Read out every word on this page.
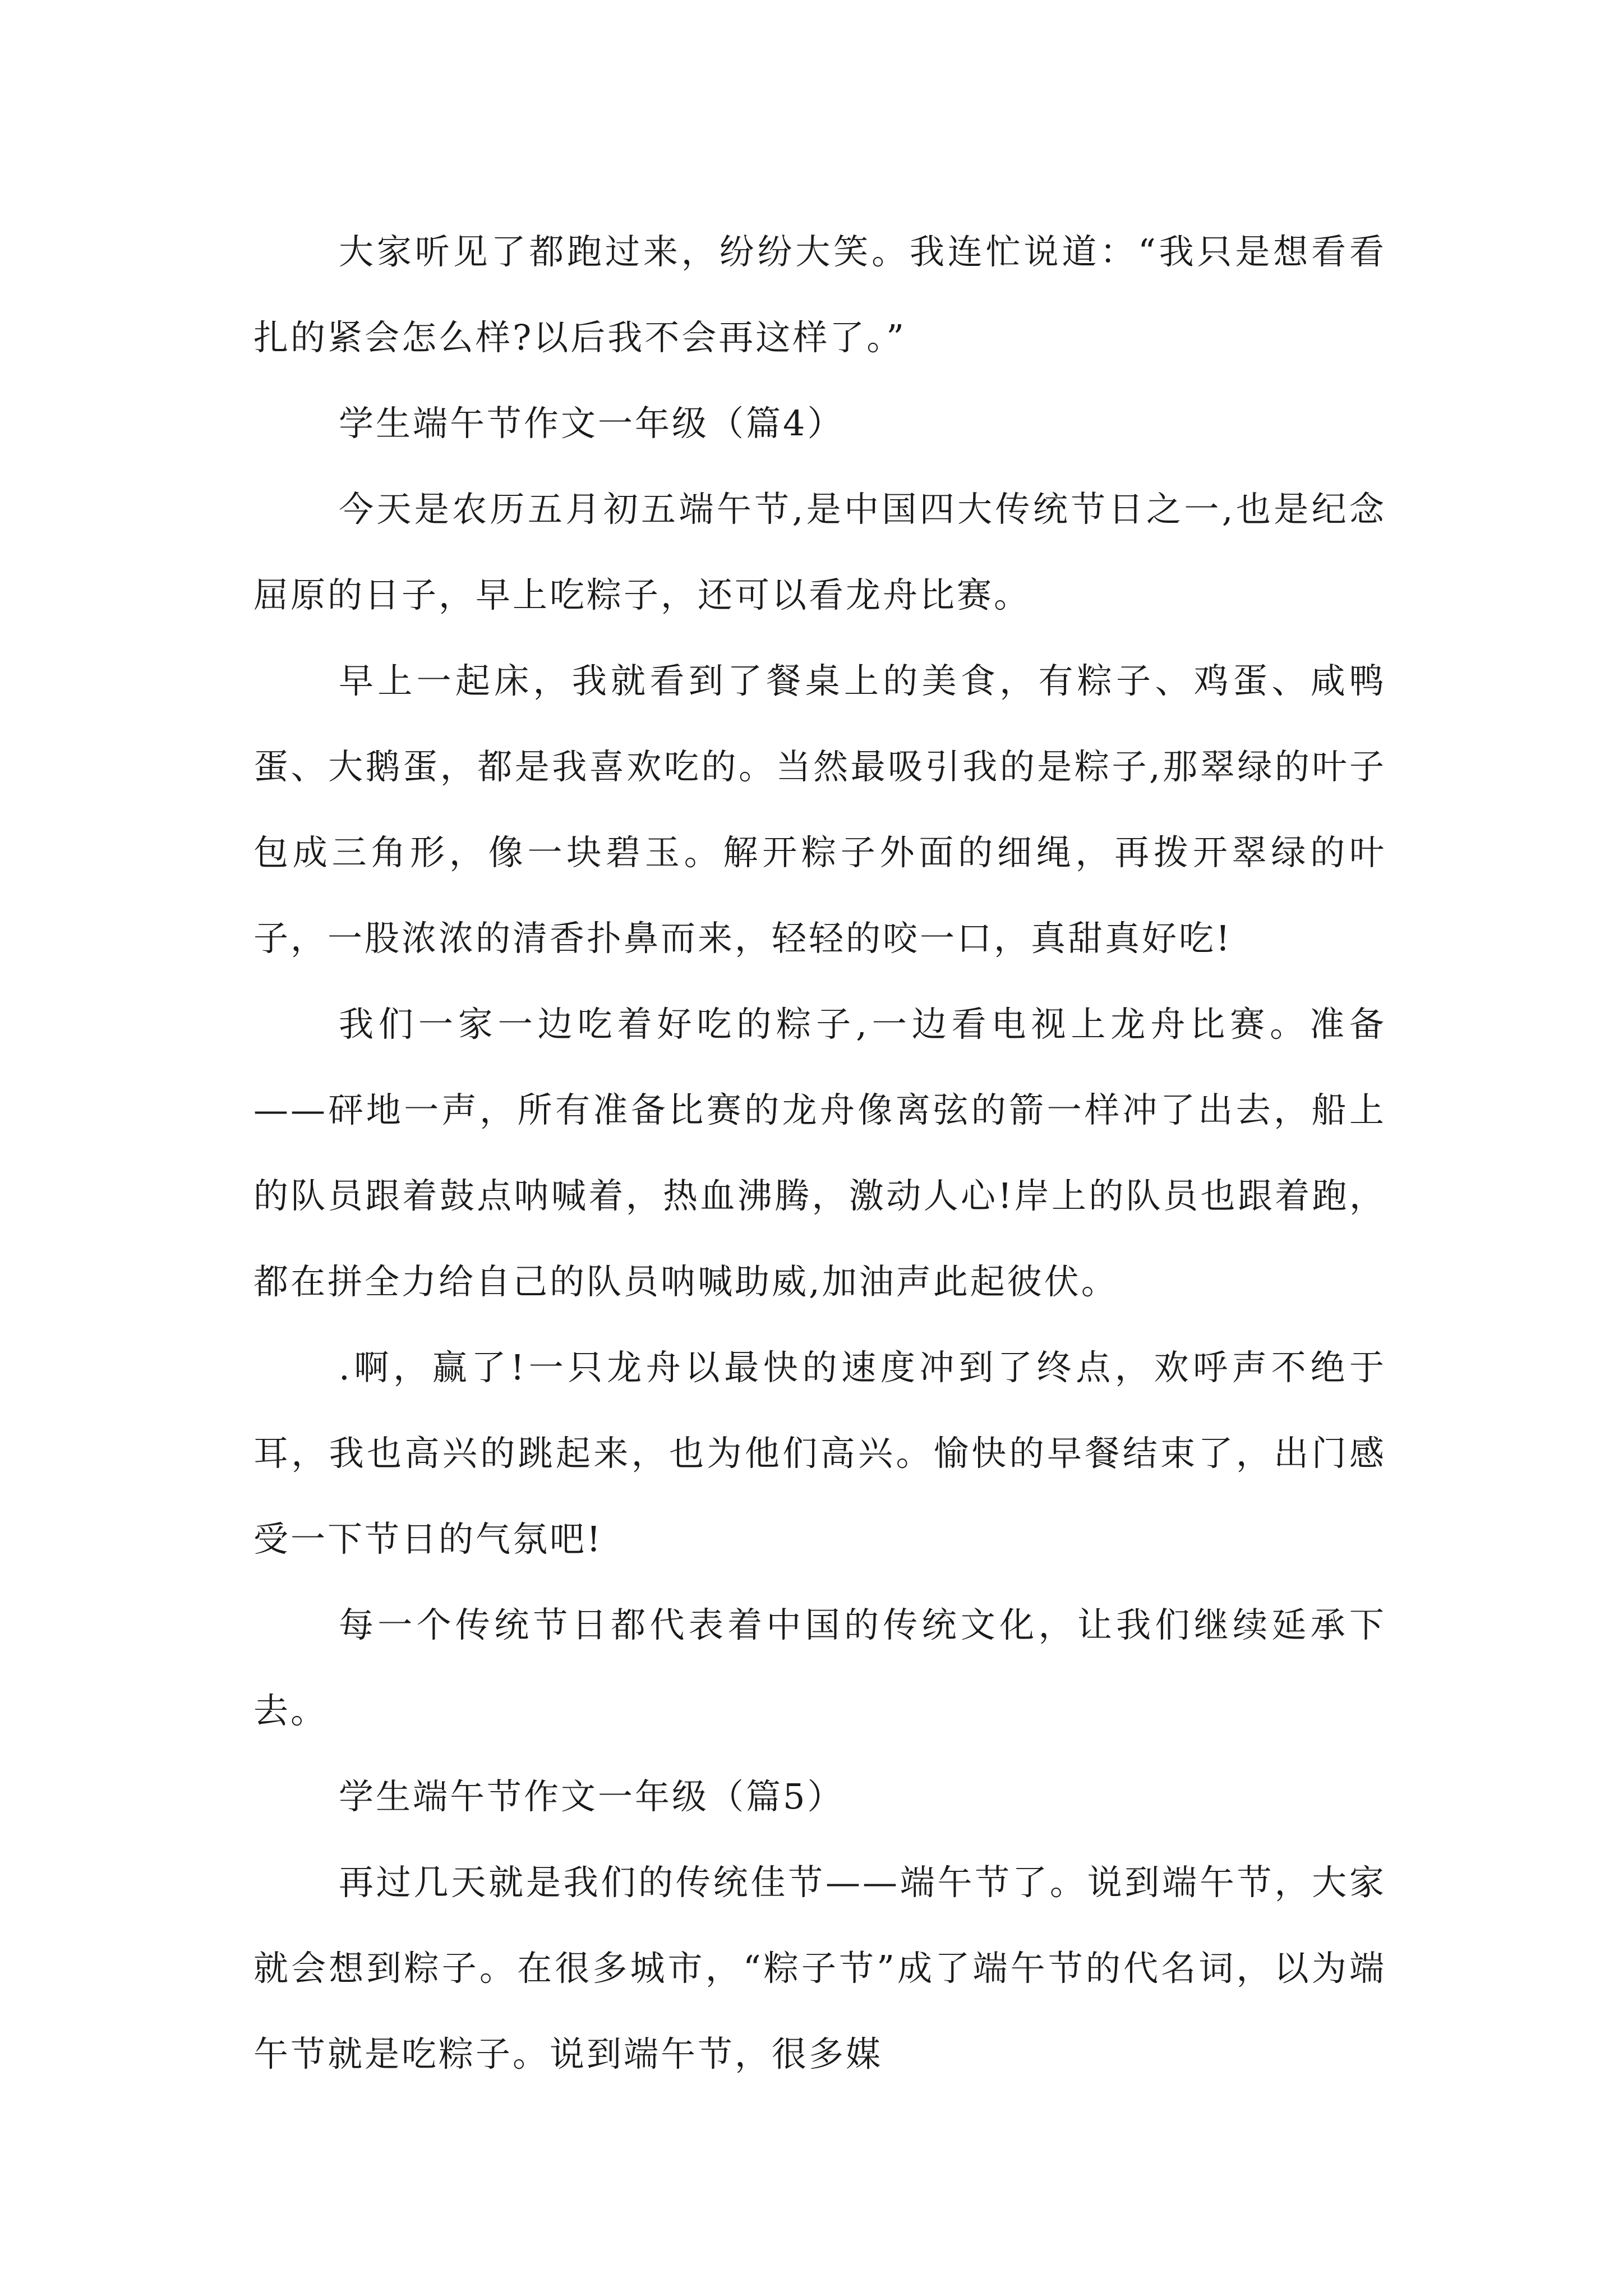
大家听见了都跑过来，纷纷大笑。我连忙说道：“我只是想看看扎的紧会怎么样?以后我不会再这样了。”

学生端午节作文一年级（篇4）

今天是农历五月初五端午节,是中国四大传统节日之一,也是纪念屈原的日子，早上吃粽子，还可以看龙舟比赛。

早上一起床，我就看到了餐桌上的美食，有粽子、鸡蛋、咸鸭蛋、大鹅蛋，都是我喜欢吃的。当然最吸引我的是粽子,那翠绿的叶子包成三角形，像一块碧玉。解开粽子外面的细绳，再拨开翠绿的叶子，一股浓浓的清香扑鼻而来，轻轻的咬一口，真甜真好吃!

我们一家一边吃着好吃的粽子,一边看电视上龙舟比赛。准备——砰地一声，所有准备比赛的龙舟像离弦的箭一样冲了出去，船上的队员跟着鼓点呐喊着，热血沸腾，激动人心!岸上的队员也跟着跑，都在拼全力给自己的队员呐喊助威,加油声此起彼伏。

.啊，赢了!一只龙舟以最快的速度冲到了终点，欢呼声不绝于耳，我也高兴的跳起来，也为他们高兴。愉快的早餐结束了，出门感受一下节日的气氛吧!

每一个传统节日都代表着中国的传统文化，让我们继续延承下去。

学生端午节作文一年级（篇5）

再过几天就是我们的传统佳节——端午节了。说到端午节，大家就会想到粽子。在很多城市，“粽子节”成了端午节的代名词，以为端午节就是吃粽子。说到端午节，很多媒
